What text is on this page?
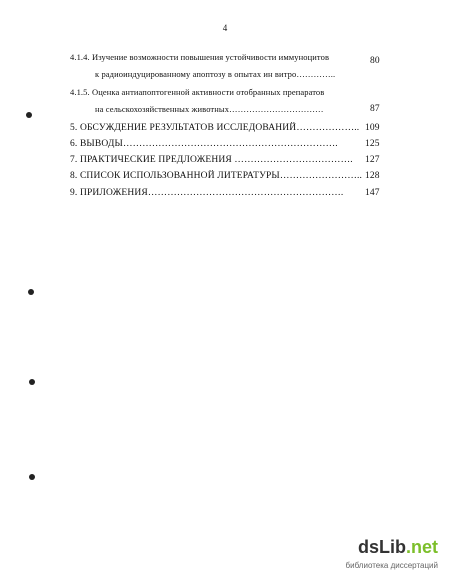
4
4.1.4. Изучение возможности повышения устойчивости иммуноцитов
к радиоиндуцированному апоптозу в опытах ин витро…………..
80
4.1.5. Оценка антиапоптогенной активности отобранных препаратов
на сельскохозяйственных животных……………………………	87
5. ОБСУЖДЕНИЕ РЕЗУЛЬТАТОВ ИССЛЕДОВАНИЙ……………….. 109
6. ВЫВОДЫ………………………………………………………….	125
7. ПРАКТИЧЕСКИЕ ПРЕДЛОЖЕНИЯ ………………………………. 127
8. СПИСОК ИСПОЛЬЗОВАННОЙ ЛИТЕРАТУРЫ…………………….. 128
9. ПРИЛОЖЕНИЯ……………………………………………………. 147
dsLib.net
библиотека диссертаций
